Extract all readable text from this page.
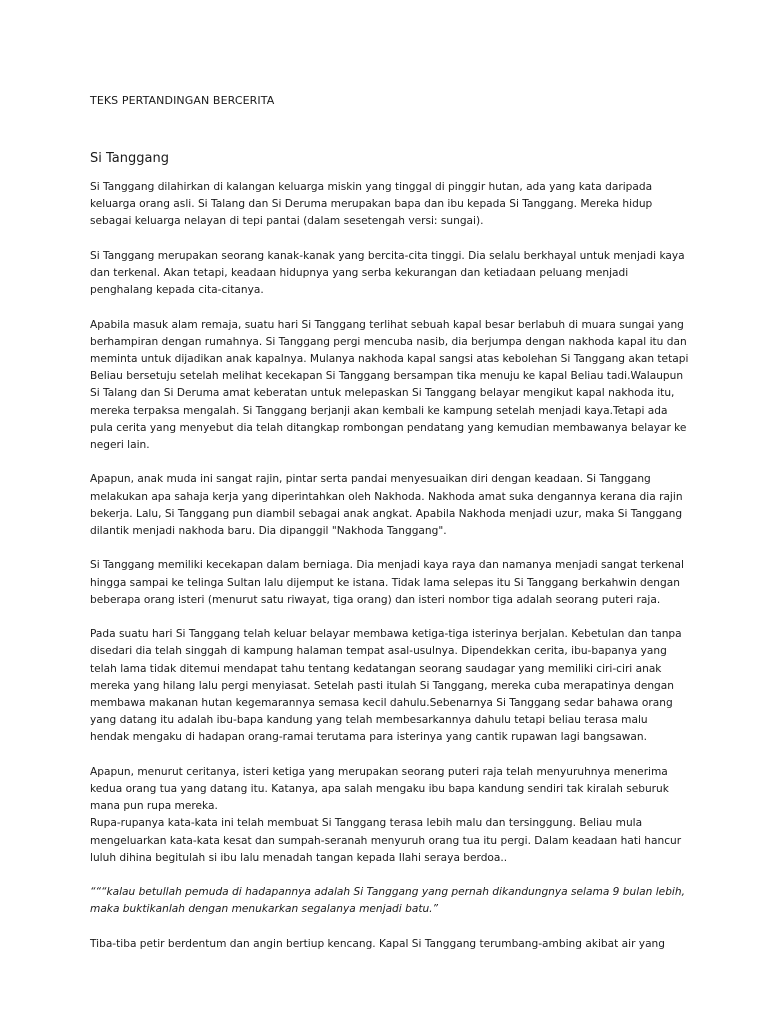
TEKS PERTANDINGAN BERCERITA
Si Tanggang

Si Tanggang dilahirkan di kalangan keluarga miskin yang tinggal di pinggir hutan, ada yang kata daripada keluarga orang asli. Si Talang dan Si Deruma merupakan bapa dan ibu kepada Si Tanggang. Mereka hidup sebagai keluarga nelayan di tepi pantai (dalam sesetengah versi: sungai).

Si Tanggang merupakan seorang kanak-kanak yang bercita-cita tinggi. Dia selalu berkhayal untuk menjadi kaya dan terkenal. Akan tetapi, keadaan hidupnya yang serba kekurangan dan ketiadaan peluang menjadi penghalang kepada cita-citanya.

Apabila masuk alam remaja, suatu hari Si Tanggang terlihat sebuah kapal besar berlabuh di muara sungai yang berhampiran dengan rumahnya. Si Tanggang pergi mencuba nasib, dia berjumpa dengan nakhoda kapal itu dan meminta untuk dijadikan anak kapalnya. Mulanya nakhoda kapal sangsi atas kebolehan Si Tanggang akan tetapi Beliau bersetuju setelah melihat kecekapan Si Tanggang bersampan tika menuju ke kapal Beliau tadi.Walaupun Si Talang dan Si Deruma amat keberatan untuk melepaskan Si Tanggang belayar mengikut kapal nakhoda itu, mereka terpaksa mengalah. Si Tanggang berjanji akan kembali ke kampung setelah menjadi kaya.Tetapi ada pula cerita yang menyebut dia telah ditangkap rombongan pendatang yang kemudian membawanya belayar ke negeri lain.

Apapun, anak muda ini sangat rajin, pintar serta pandai menyesuaikan diri dengan keadaan. Si Tanggang melakukan apa sahaja kerja yang diperintahkan oleh Nakhoda. Nakhoda amat suka dengannya kerana dia rajin bekerja. Lalu, Si Tanggang pun diambil sebagai anak angkat. Apabila Nakhoda menjadi uzur, maka Si Tanggang dilantik menjadi nakhoda baru. Dia dipanggil "Nakhoda Tanggang".

Si Tanggang memiliki kecekapan dalam berniaga. Dia menjadi kaya raya dan namanya menjadi sangat terkenal hingga sampai ke telinga Sultan lalu dijemput ke istana. Tidak lama selepas itu Si Tanggang berkahwin dengan beberapa orang isteri (menurut satu riwayat, tiga orang) dan isteri nombor tiga adalah seorang puteri raja.

Pada suatu hari Si Tanggang telah keluar belayar membawa ketiga-tiga isterinya berjalan. Kebetulan dan tanpa disedari dia telah singgah di kampung halaman tempat asal-usulnya. Dipendekkan cerita, ibu-bapanya yang telah lama tidak ditemui mendapat tahu tentang kedatangan seorang saudagar yang memiliki ciri-ciri anak mereka yang hilang lalu pergi menyiasat. Setelah pasti itulah Si Tanggang, mereka cuba merapatinya dengan membawa makanan hutan kegemarannya semasa kecil dahulu.Sebenarnya Si Tanggang sedar bahawa orang yang datang itu adalah ibu-bapa kandung yang telah membesarkannya dahulu tetapi beliau terasa malu hendak mengaku di hadapan orang-ramai terutama para isterinya yang cantik rupawan lagi bangsawan.

Apapun, menurut ceritanya, isteri ketiga yang merupakan seorang puteri raja telah menyuruhnya menerima kedua orang tua yang datang itu. Katanya, apa salah mengaku ibu bapa kandung sendiri tak kiralah seburuk mana pun rupa mereka.

Rupa-rupanya kata-kata ini telah membuat Si Tanggang terasa lebih malu dan tersinggung. Beliau mula mengeluarkan kata-kata kesat dan sumpah-seranah menyuruh orang tua itu pergi. Dalam keadaan hati hancur luluh dihina begitulah si ibu lalu menadah tangan kepada Ilahi seraya berdoa..

“““kalau betullah pemuda di hadapannya adalah Si Tanggang yang pernah dikandungnya selama 9 bulan lebih, maka buktikanlah dengan menukarkan segalanya menjadi batu.”

Tiba-tiba petir berdentum dan angin bertiup kencang. Kapal Si Tanggang terumbang-ambing akibat air yang
